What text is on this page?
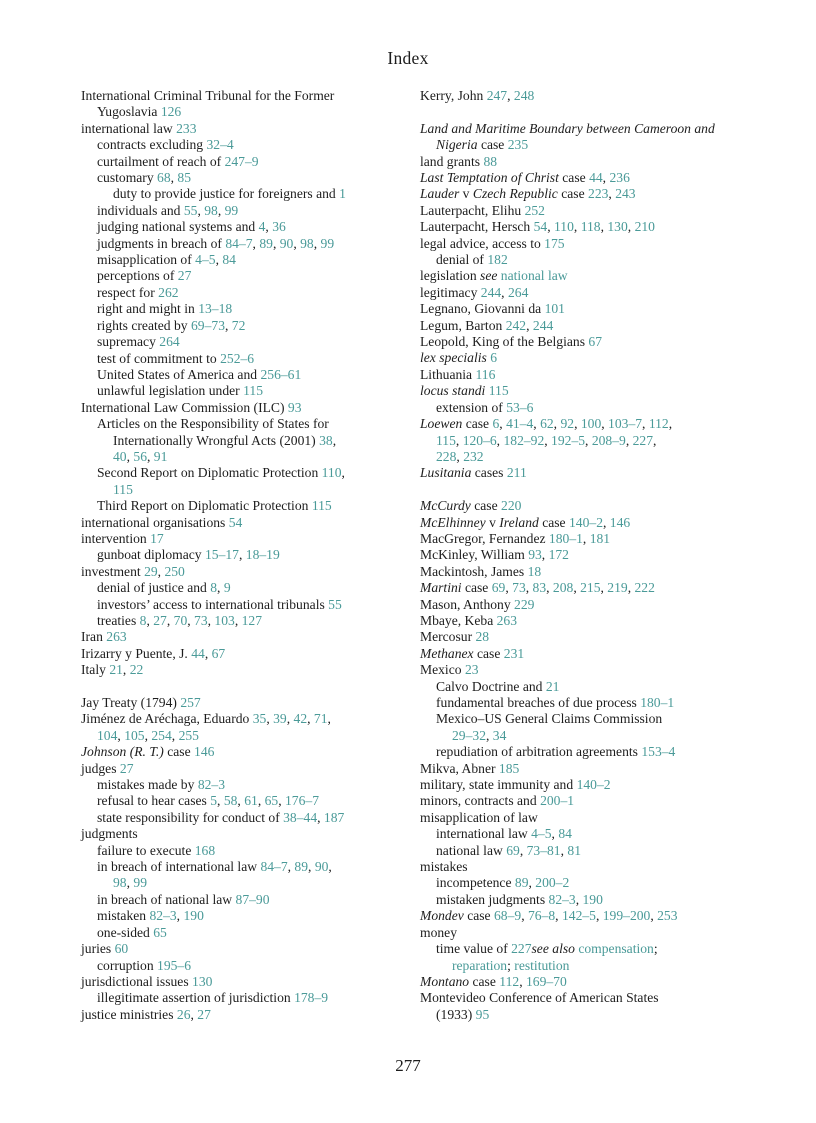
Index
International Criminal Tribunal for the Former
Yugoslavia 126
international law 233
contracts excluding 32–4
curtailment of reach of 247–9
customary 68, 85
duty to provide justice for foreigners and 1
individuals and 55, 98, 99
judging national systems and 4, 36
judgments in breach of 84–7, 89, 90, 98, 99
misapplication of 4–5, 84
perceptions of 27
respect for 262
right and might in 13–18
rights created by 69–73, 72
supremacy 264
test of commitment to 252–6
United States of America and 256–61
unlawful legislation under 115
International Law Commission (ILC) 93
Articles on the Responsibility of States for
Internationally Wrongful Acts (2001) 38,
40, 56, 91
Second Report on Diplomatic Protection 110,
115
Third Report on Diplomatic Protection 115
international organisations 54
intervention 17
gunboat diplomacy 15–17, 18–19
investment 29, 250
denial of justice and 8, 9
investors’ access to international tribunals 55
treaties 8, 27, 70, 73, 103, 127
Iran 263
Irizarry y Puente, J. 44, 67
Italy 21, 22
Jay Treaty (1794) 257
Jiménez de Aréchaga, Eduardo 35, 39, 42, 71,
104, 105, 254, 255
Johnson (R. T.) case 146
judges 27
mistakes made by 82–3
refusal to hear cases 5, 58, 61, 65, 176–7
state responsibility for conduct of 38–44, 187
judgments
failure to execute 168
in breach of international law 84–7, 89, 90,
98, 99
in breach of national law 87–90
mistaken 82–3, 190
one-sided 65
juries 60
corruption 195–6
jurisdictional issues 130
illegitimate assertion of jurisdiction 178–9
justice ministries 26, 27
Kerry, John 247, 248
Land and Maritime Boundary between Cameroon and
Nigeria case 235
land grants 88
Last Temptation of Christ case 44, 236
Lauder v Czech Republic case 223, 243
Lauterpacht, Elihu 252
Lauterpacht, Hersch 54, 110, 118, 130, 210
legal advice, access to 175
denial of 182
legislation see national law
legitimacy 244, 264
Legnano, Giovanni da 101
Legum, Barton 242, 244
Leopold, King of the Belgians 67
lex specialis 6
Lithuania 116
locus standi 115
extension of 53–6
Loewen case 6, 41–4, 62, 92, 100, 103–7, 112,
115, 120–6, 182–92, 192–5, 208–9, 227,
228, 232
Lusitania cases 211
McCurdy case 220
McElhinney v Ireland case 140–2, 146
MacGregor, Fernandez 180–1, 181
McKinley, William 93, 172
Mackintosh, James 18
Martini case 69, 73, 83, 208, 215, 219, 222
Mason, Anthony 229
Mbaye, Keba 263
Mercosur 28
Methanex case 231
Mexico 23
Calvo Doctrine and 21
fundamental breaches of due process 180–1
Mexico–US General Claims Commission
29–32, 34
repudiation of arbitration agreements 153–4
Mikva, Abner 185
military, state immunity and 140–2
minors, contracts and 200–1
misapplication of law
international law 4–5, 84
national law 69, 73–81, 81
mistakes
incompetence 89, 200–2
mistaken judgments 82–3, 190
Mondev case 68–9, 76–8, 142–5, 199–200, 253
money
time value of 227see also compensation;
reparation; restitution
Montano case 112, 169–70
Montevideo Conference of American States
(1933) 95
277
